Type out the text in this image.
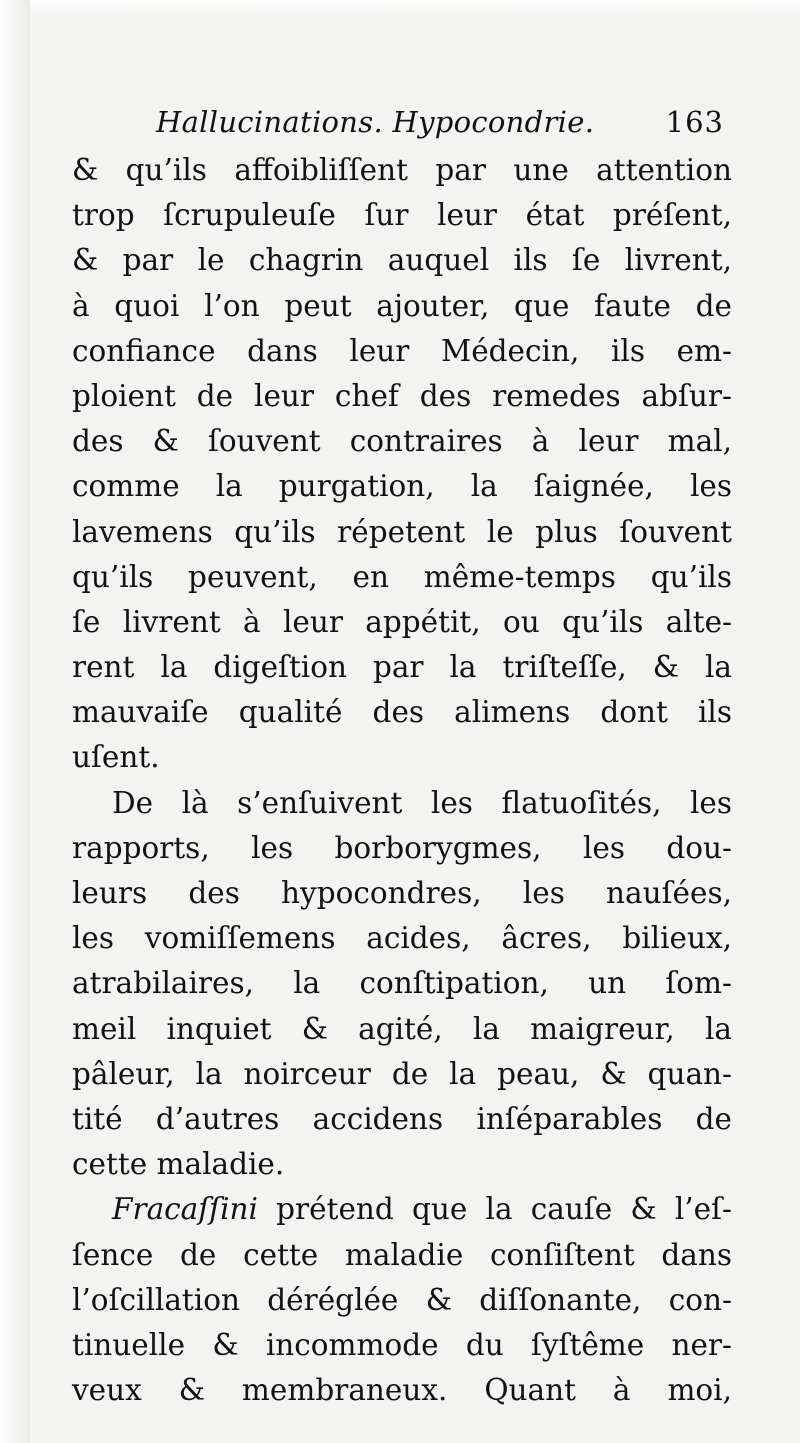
Hallucinations. Hypocondrie. 163
& qu’ils affoibliſſent par une attention
trop ſcrupuleuſe ſur leur état préſent,
& par le chagrin auquel ils ſe livrent,
à quoi l’on peut ajouter, que faute de
confiance dans leur Médecin, ils em-
ploient de leur chef des remedes abſur-
des & ſouvent contraires à leur mal,
comme la purgation, la ſaignée, les
lavemens qu’ils répetent le plus ſouvent
qu’ils peuvent, en même-temps qu’ils
ſe livrent à leur appétit, ou qu’ils alte-
rent la digeſtion par la triſteſſe, & la
mauvaiſe qualité des alimens dont ils
uſent.
De là s’enſuivent les flatuoſités, les
rapports, les borborygmes, les dou-
leurs des hypocondres, les nauſées,
les vomiſſemens acides, âcres, bilieux,
atrabilaires, la conſtipation, un ſom-
meil inquiet & agité, la maigreur, la
pâleur, la noirceur de la peau, & quan-
tité d’autres accidens inſéparables de
cette maladie.
Fracaſſini prétend que la cauſe & l’eſ-
ſence de cette maladie conſiſtent dans
l’oſcillation déréglée & diſſonante, con-
tinuelle & incommode du ſyſtême ner-
veux & membraneux. Quant à moi,
